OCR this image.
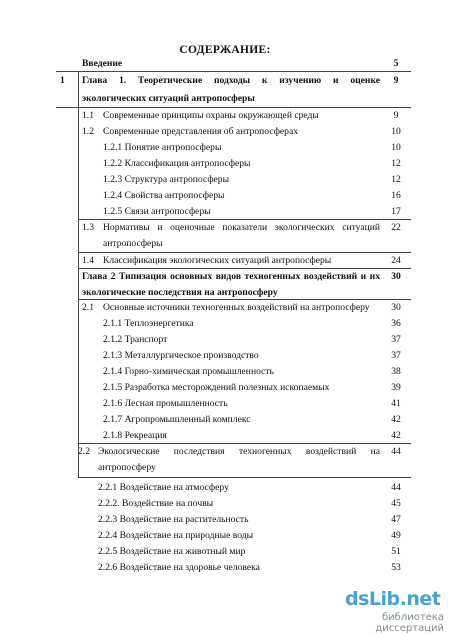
СОДЕРЖАНИЕ:
Введение	5
1 Глава 1. Теоретические подходы к изучению и оценке	9
экологических ситуаций антропосферы
1.1 Современные принципы охраны окружающей среды	9
1.2 Современные представления об антропосферах	10
1.2.1 Понятие антропосферы	10
1.2.2 Классификация антропосферы	12
1.2.3 Структура антропосферы	12
1.2.4 Свойства антропосферы	16
1.2.5 Связи антропосферы	17
1.3 Нормативы и оценочные показатели экологических ситуаций	22
антропосферы
1.4 Классификация экологических ситуаций антропосферы	24
Глава 2 Типизация основных видов техногенных воздействий и их	30
экологические последствия на антропосферу
2.1 Основные источники техногенных воздействий на антропосферу	30
2.1.1 Теплоэнергетика	36
2.1.2 Транспорт	37
2.1.3 Металлургическое производство	37
2.1.4 Горно-химическая промышленность	38
2.1.5 Разработка месторождений полезных ископаемых	39
2.1.6 Лесная промышленность	41
2.1.7 Агропромышленный комплекс	42
2.1.8 Рекреация	42
2.2 Экологические последствия техногенных воздействий на	44
антропосферу
2.2.1 Воздействие на атмосферу	44
2.2.2. Воздействие на почвы	45
2.2.3 Воздействие на растительность	47
2.2.4 Воздействие на природные воды	49
2.2.5 Воздействие на животный мир	51
2.2.6 Воздействие на здоровье человека	53
dsLib.net
библиотека диссертаций
